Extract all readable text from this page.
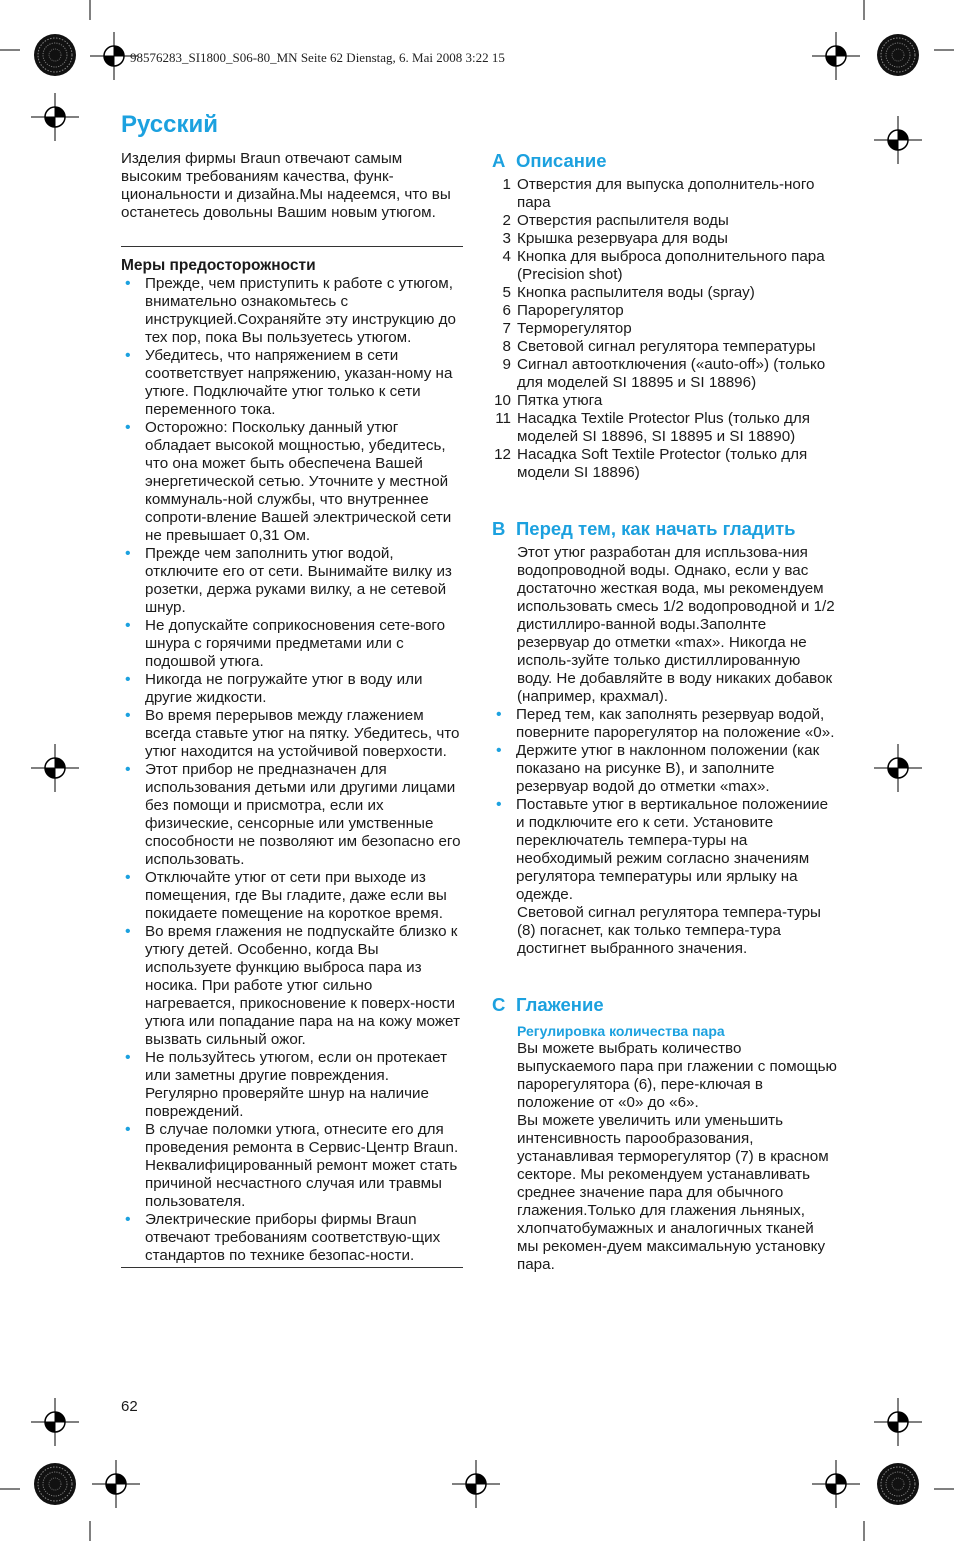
98576283_SI1800_S06-80_MN Seite 62 Dienstag, 6. Mai 2008 3:22 15
Русский

Изделия фирмы Braun отвечают самым высоким требованиям качества, функ-циональности и дизайна.Мы надеемся, что вы останетесь довольны Вашим новым утюгом.

Меры предосторожности

• Прежде, чем приступить к работе с утюгом, внимательно ознакомьтесь с инструкцией.Сохраняйте эту инструкцию до тех пор, пока Вы пользуетесь утюгом.
• Убедитесь, что напряжением в сети соответствует напряжению, указан-ному на утюге. Подключайте утюг только к сети переменного тока.
• Осторожно: Поскольку данный утюг обладает высокой мощностью, убедитесь, что она может быть обеспечена Вашей энергетической сетью. Уточните у местной коммуналь-ной службы, что внутреннее сопроти-вление Вашей электрической сети не превышает 0,31 Ом.
• Прежде чем заполнить утюг водой, отключите его от сети. Вынимайте вилку из розетки, держа руками вилку, а не сетевой шнур.
• Не допускайте соприкосновения сете-вого шнура с горячими предметами или с подошвой утюга.
• Никогда не погружайте утюг в воду или другие жидкости.
• Во время перерывов между глажением всегда ставьте утюг на пятку. Убедитесь, что утюг находится на устойчивой поверхости.
• Этот прибор не предназначен для использования детьми или другими лицами без помощи и присмотра, если их физические, сенсорные или умственные способности не позволяют им безопасно его использовать.
• Отключайте утюг от сети при выходе из помещения, где Вы гладите, даже если вы покидаете помещение на короткое время.
• Во время глажения не подпускайте близко к утюгу детей. Особенно, когда Вы используете функцию выброса пара из носика. При работе утюг сильно нагревается, прикосновение к поверх-ности утюга или попадание пара на на кожу может вызвать сильный ожог.
• Не пользуйтесь утюгом, если он протекает или заметны другие повреждения. Регулярно проверяйте шнур на наличие повреждений.
• В случае поломки утюга, отнесите его для проведения ремонта в Сервис-Центр Braun. Неквалифицированный ремонт может стать причиной несчастного случая или травмы пользователя.
• Электрические приборы фирмы Braun отвечают требованиям соответствую-щих стандартов по технике безопас-ности.
62

A Описание

1 Отверстия для выпуска дополнитель-ного пара
2 Отверстия распылителя воды
3 Крышка резервуара для воды
4 Кнопка для выброса дополнительного пара (Precision shot)
5 Кнопка распылителя воды (spray)
6 Парорегулятор
7 Терморегулятор
8 Световой сигнал регулятора температуры
9 Сигнал автоотключения («auto-off») (только для моделей SI 18895 и SI 18896)
10 Пятка утюга
11 Насадка Textile Protector Plus (только для моделей SI 18896, SI 18895 и SI 18890)
12 Насадка Soft Textile Protector (только для модели SI 18896)

B Перед тем, как начать гладить

Этот утюг разработан для испльзова-ния водопроводной воды. Однако, если у вас достаточно жесткая вода, мы рекомендуем использовать смесь 1/2 водопроводной и 1/2 дистиллиро-ванной воды.Заполнте резервуар до отметки «max». Никогда не исполь-зуйте только дистиллированную воду. Не добавляйте в воду никаких добавок (например, крахмал).

• Перед тем, как заполнять резервуар водой, поверните парорегулятор на положение «0».
• Держите утюг в наклонном положении (как показано на рисунке B), и заполните резервуар водой до отметки «max».
• Поставьте утюг в вертикальное положениие и подключите его к сети. Установите переключатель темпера-туры на необходимый режим согласно значениям регулятора температуры или ярлыку на одежде.

Световой сигнал регулятора темпера-туры (8) погаснет, как только темпера-тура достигнет выбранного значения.

C Глажение

Регулировка количества пара

Вы можете выбрать количество выпускаемого пара при глажении с помощью парорегулятора (6), пере-ключая в положение от «0» до «6».

Вы можете увеличить или уменьшить интенсивность парообразования, устанавливая терморегулятор (7) в красном секторе. Мы рекомендуем устанавливать среднее значение пара для обычного глажения.Только для глажения льняных, хлопчатобумажных и аналогичных тканей мы рекомен-дуем максимальную установку пара.
